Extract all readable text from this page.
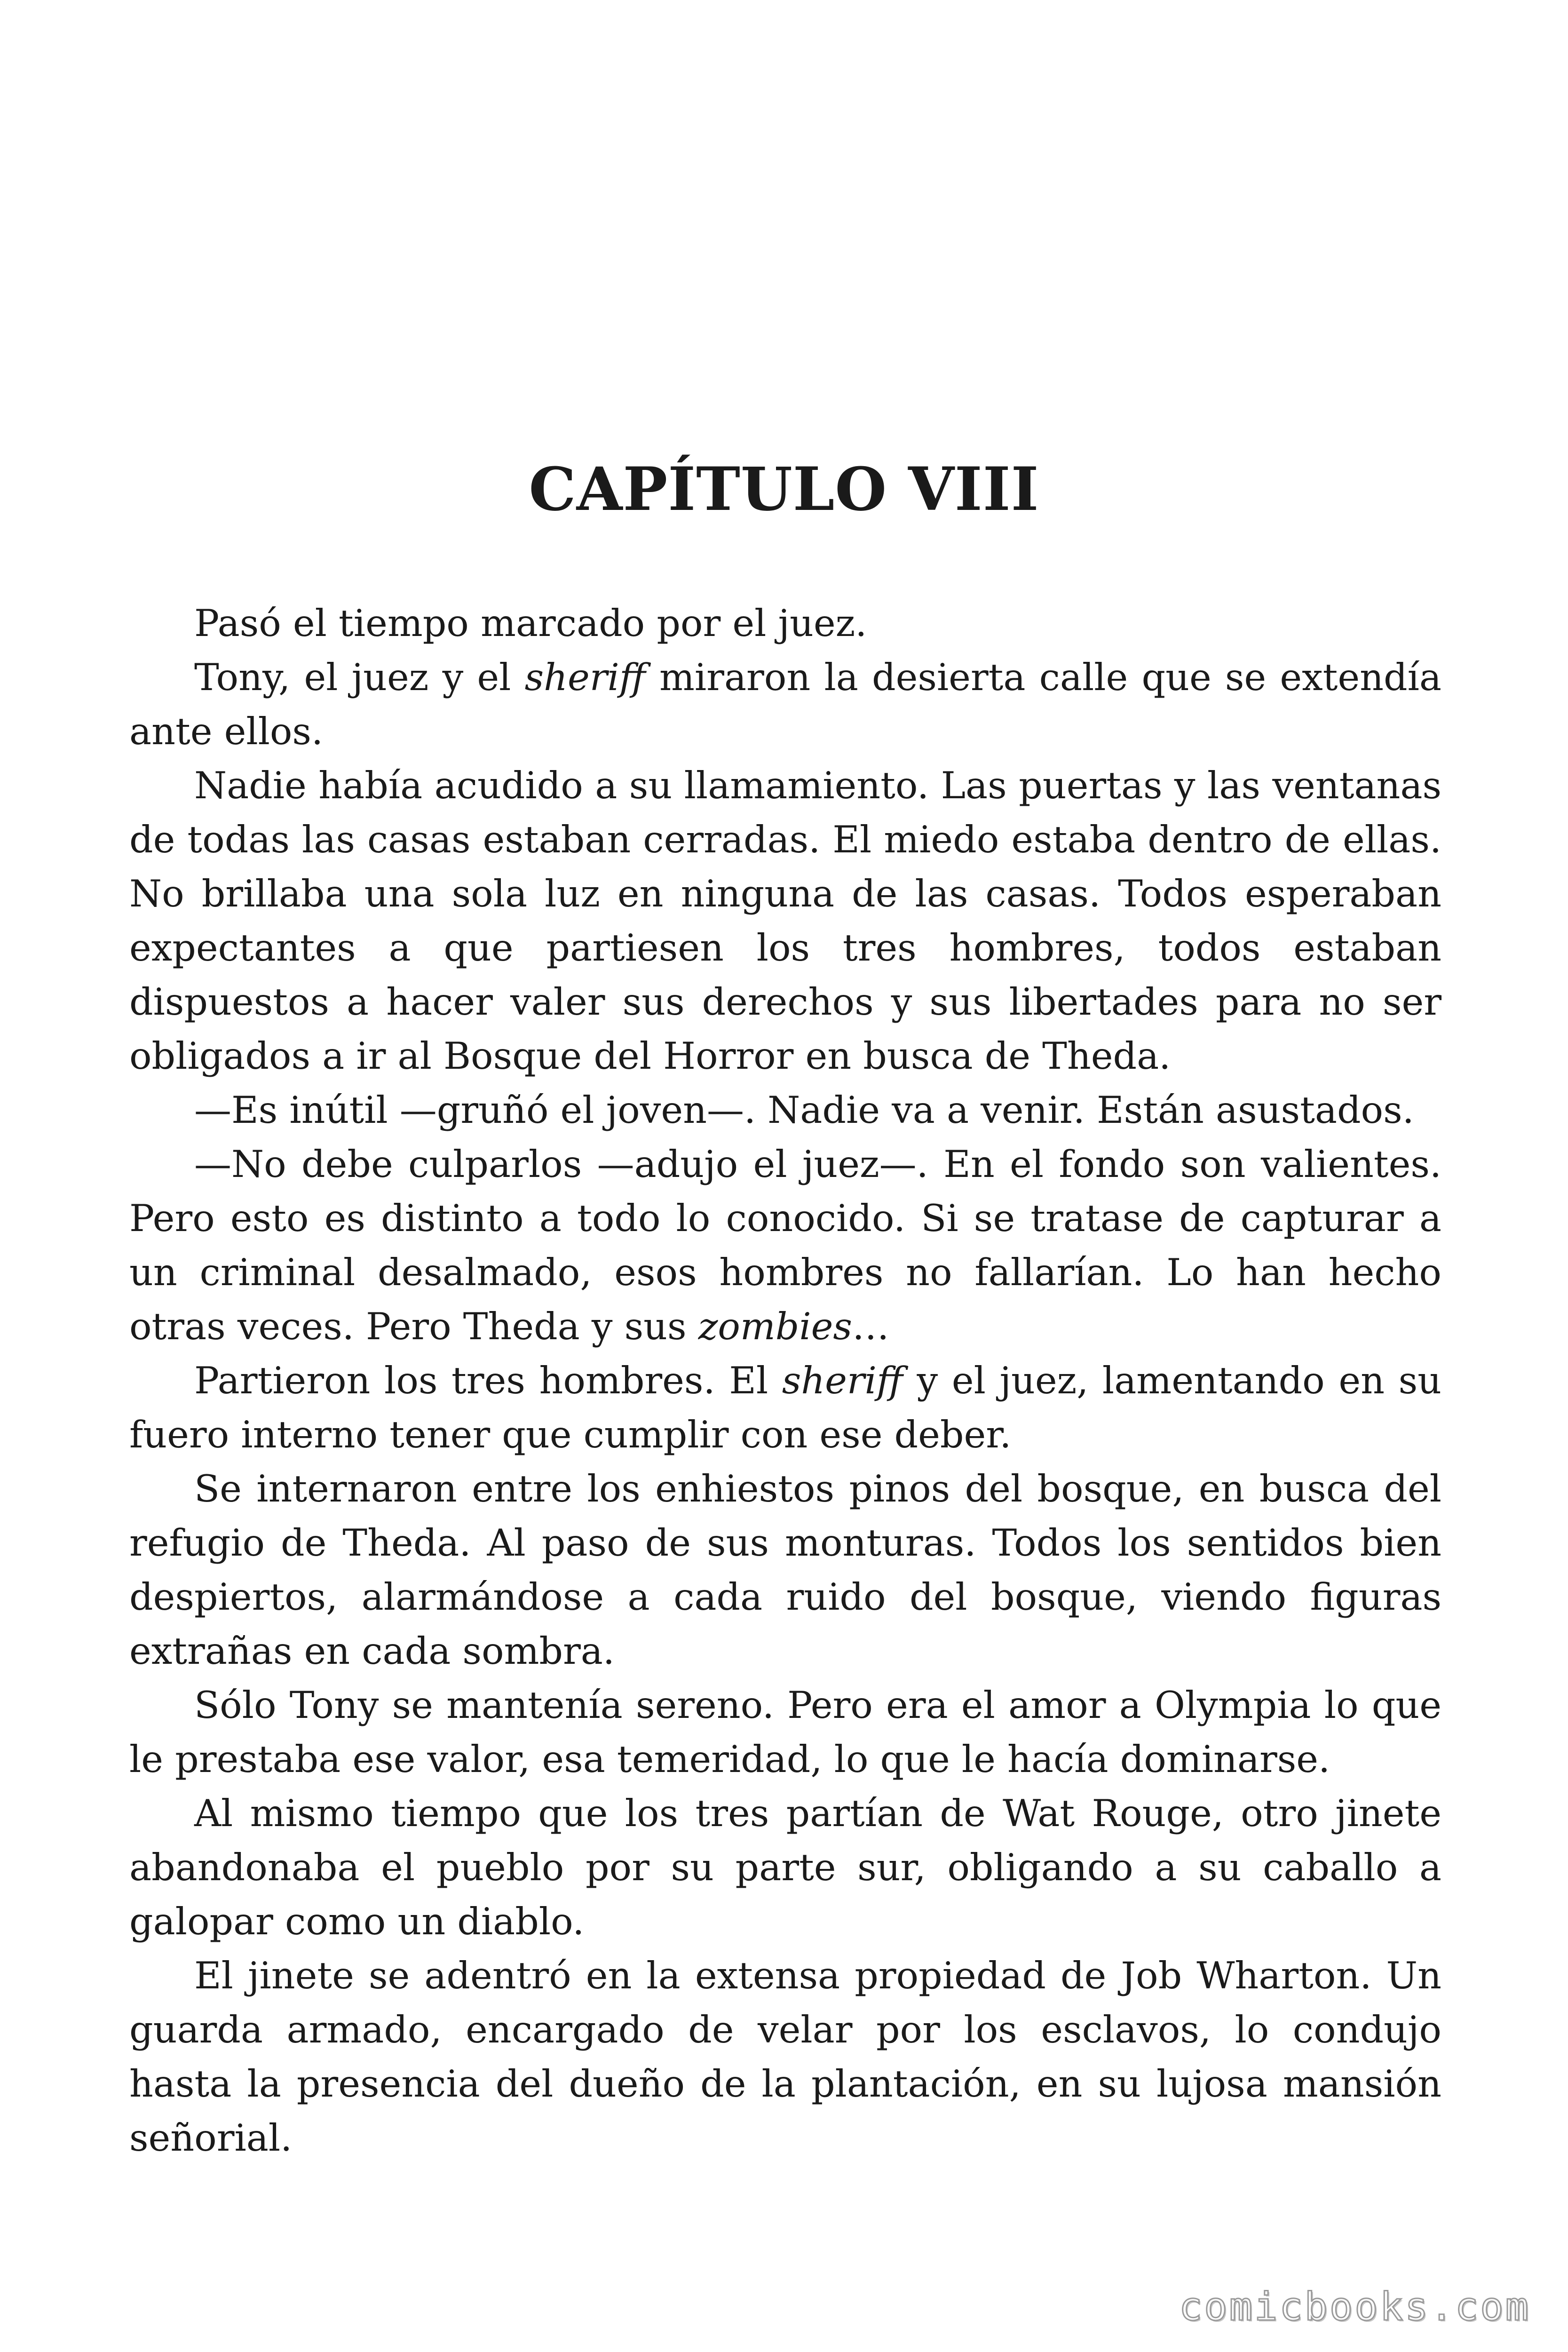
CAPÍTULO VIII

Pasó el tiempo marcado por el juez.

Tony, el juez y el sheriff miraron la desierta calle que se extendía ante ellos.

Nadie había acudido a su llamamiento. Las puertas y las ventanas de todas las casas estaban cerradas. El miedo estaba dentro de ellas. No brillaba una sola luz en ninguna de las casas. Todos esperaban expectantes a que partiesen los tres hombres, todos estaban dispuestos a hacer valer sus derechos y sus libertades para no ser obligados a ir al Bosque del Horror en busca de Theda.

—Es inútil —gruñó el joven—. Nadie va a venir. Están asustados.

—No debe culparlos —adujo el juez—. En el fondo son valientes. Pero esto es distinto a todo lo conocido. Si se tratase de capturar a un criminal desalmado, esos hombres no fallarían. Lo han hecho otras veces. Pero Theda y sus zombies…

Partieron los tres hombres. El sheriff y el juez, lamentando en su fuero interno tener que cumplir con ese deber.

Se internaron entre los enhiestos pinos del bosque, en busca del refugio de Theda. Al paso de sus monturas. Todos los sentidos bien despiertos, alarmándose a cada ruido del bosque, viendo figuras extrañas en cada sombra.

Sólo Tony se mantenía sereno. Pero era el amor a Olympia lo que le prestaba ese valor, esa temeridad, lo que le hacía dominarse.

Al mismo tiempo que los tres partían de Wat Rouge, otro jinete abandonaba el pueblo por su parte sur, obligando a su caballo a galopar como un diablo.

El jinete se adentró en la extensa propiedad de Job Wharton. Un guarda armado, encargado de velar por los esclavos, lo condujo hasta la presencia del dueño de la plantación, en su lujosa mansión señorial.

comicbooks.com
